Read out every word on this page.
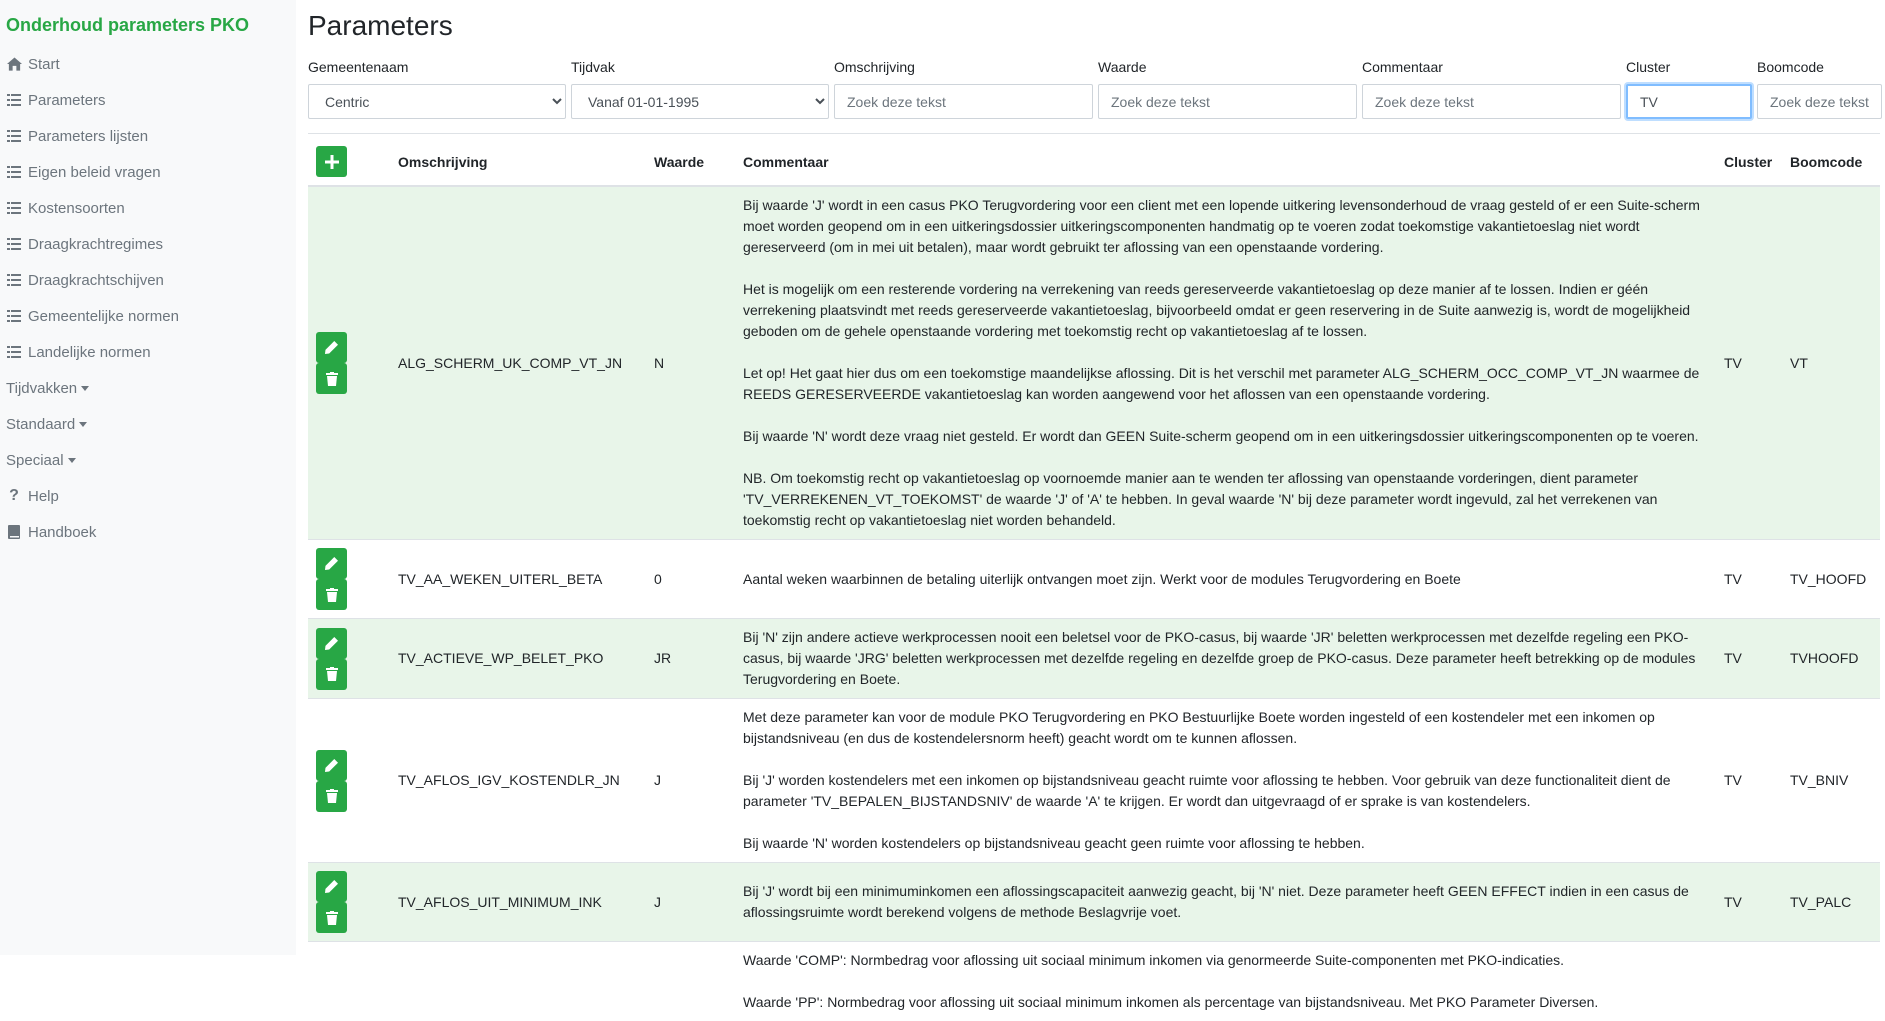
Onderhoud parameters PKO
Start
Parameters
Parameters lijsten
Eigen beleid vragen
Kostensoorten
Draagkrachtregimes
Draagkrachtschijven
Gemeentelijke normen
Landelijke normen
Tijdvakken
Standaard
Speciaal
? Help
Handboek
Parameters
Gemeentenaam
Centric	Tijdvak
Vanaf 01-01-1995	Omschrijving
Zoek deze tekst	Waarde
Zoek deze tekst	Commentaar
Zoek deze tekst	Cluster
TV	Boomcode
Zoek deze tekst
	Omschrijving	Waarde	Commentaar	Cluster	Boomcode

	ALG_SCHERM_UK_COMP_VT_JN	N	Bij waarde 'J' wordt in een casus PKO Terugvordering voor een client met een lopende uitkering levensonderhoud de vraag gesteld of er een Suite-scherm moet worden geopend om in een uitkeringsdossier uitkeringscomponenten handmatig op te voeren zodat toekomstige vakantietoeslag niet wordt gereserveerd (om in mei uit betalen), maar wordt gebruikt ter aflossing van een openstaande vordering.

Het is mogelijk om een resterende vordering na verrekening van reeds gereserveerde vakantietoeslag op deze manier af te lossen. Indien er géén verrekening plaatsvindt met reeds gereserveerde vakantietoeslag, bijvoorbeeld omdat er geen reservering in de Suite aanwezig is, wordt de mogelijkheid geboden om de gehele openstaande vordering met toekomstig recht op vakantietoeslag af te lossen.

Let op! Het gaat hier dus om een toekomstige maandelijkse aflossing. Dit is het verschil met parameter ALG_SCHERM_OCC_COMP_VT_JN waarmee de REEDS GERESERVEERDE vakantietoeslag kan worden aangewend voor het aflossen van een openstaande vordering.

Bij waarde 'N' wordt deze vraag niet gesteld. Er wordt dan GEEN Suite-scherm geopend om in een uitkeringsdossier uitkeringscomponenten op te voeren.

NB. Om toekomstig recht op vakantietoeslag op voornoemde manier aan te wenden ter aflossing van openstaande vorderingen, dient parameter 'TV_VERREKENEN_VT_TOEKOMST' de waarde 'J' of 'A' te hebben. In geval waarde 'N' bij deze parameter wordt ingevuld, zal het verrekenen van toekomstig recht op vakantietoeslag niet worden behandeld.	TV	VT

	TV_AA_WEKEN_UITERL_BETA	0	Aantal weken waarbinnen de betaling uiterlijk ontvangen moet zijn. Werkt voor de modules Terugvordering en Boete	TV	TV_HOOFD

	TV_ACTIEVE_WP_BELET_PKO	JR	Bij 'N' zijn andere actieve werkprocessen nooit een beletsel voor de PKO-casus, bij waarde 'JR' beletten werkprocessen met dezelfde regeling een PKO-casus, bij waarde 'JRG' beletten werkprocessen met dezelfde regeling en dezelfde groep de PKO-casus. Deze parameter heeft betrekking op de modules Terugvordering en Boete.	TV	TVHOOFD

	TV_AFLOS_IGV_KOSTENDLR_JN	J	Met deze parameter kan voor de module PKO Terugvordering en PKO Bestuurlijke Boete worden ingesteld of een kostendeler met een inkomen op bijstandsniveau (en dus de kostendelersnorm heeft) geacht wordt om te kunnen aflossen.

Bij 'J' worden kostendelers met een inkomen op bijstandsniveau geacht ruimte voor aflossing te hebben. Voor gebruik van deze functionaliteit dient de parameter 'TV_BEPALEN_BIJSTANDSNIV' de waarde 'A' te krijgen. Er wordt dan uitgevraagd of er sprake is van kostendelers.

Bij waarde 'N' worden kostendelers op bijstandsniveau geacht geen ruimte voor aflossing te hebben.	TV	TV_BNIV

	TV_AFLOS_UIT_MINIMUM_INK	J	Bij 'J' wordt bij een minimuminkomen een aflossingscapaciteit aanwezig geacht, bij 'N' niet. Deze parameter heeft GEEN EFFECT indien in een casus de aflossingsruimte wordt berekend volgens de methode Beslagvrije voet.	TV	TV_PALC

			Waarde 'COMP': Normbedrag voor aflossing uit sociaal minimum inkomen via genormeerde Suite-componenten met PKO-indicaties.

Waarde 'PP': Normbedrag voor aflossing uit sociaal minimum inkomen als percentage van bijstandsniveau. Met PKO Parameter Diversen.		
